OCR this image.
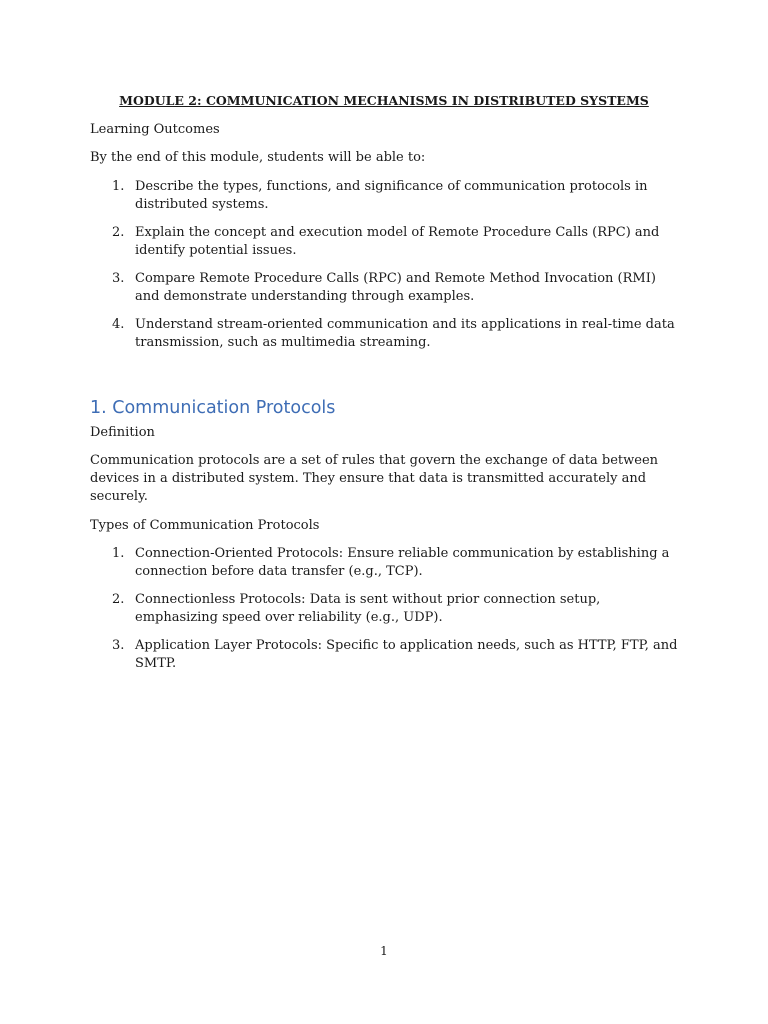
MODULE 2: COMMUNICATION MECHANISMS IN DISTRIBUTED SYSTEMS
Learning Outcomes
By the end of this module, students will be able to:
1. Describe the types, functions, and significance of communication protocols in distributed systems.
2. Explain the concept and execution model of Remote Procedure Calls (RPC) and identify potential issues.
3. Compare Remote Procedure Calls (RPC) and Remote Method Invocation (RMI) and demonstrate understanding through examples.
4. Understand stream-oriented communication and its applications in real-time data transmission, such as multimedia streaming.
1. Communication Protocols
Definition
Communication protocols are a set of rules that govern the exchange of data between devices in a distributed system. They ensure that data is transmitted accurately and securely.
Types of Communication Protocols
1. Connection-Oriented Protocols: Ensure reliable communication by establishing a connection before data transfer (e.g., TCP).
2. Connectionless Protocols: Data is sent without prior connection setup, emphasizing speed over reliability (e.g., UDP).
3. Application Layer Protocols: Specific to application needs, such as HTTP, FTP, and SMTP.
1
